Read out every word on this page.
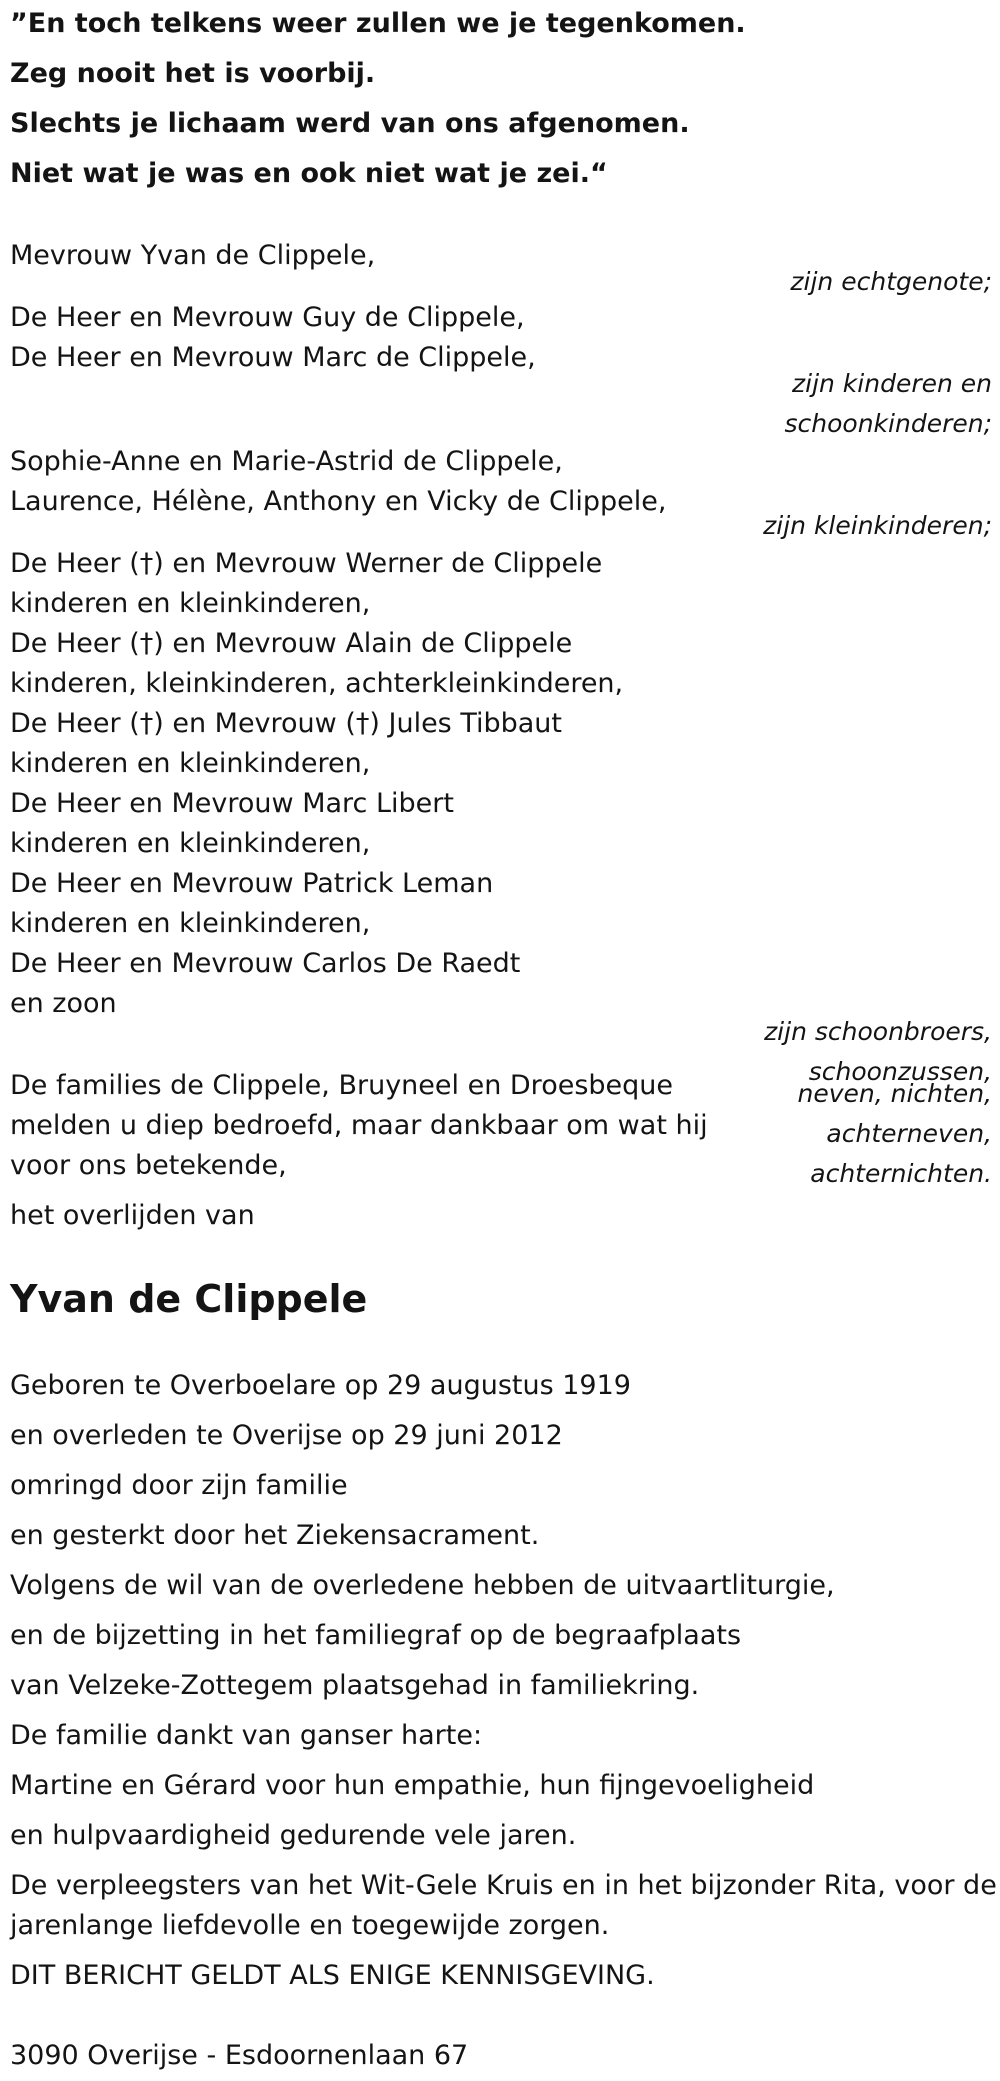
”En toch telkens weer zullen we je tegenkomen.
Zeg nooit het is voorbij.
Slechts je lichaam werd van ons afgenomen.
Niet wat je was en ook niet wat je zei.“
Mevrouw Yvan de Clippele,
zijn echtgenote;
De Heer en Mevrouw Guy de Clippele,
De Heer en Mevrouw Marc de Clippele,
zijn kinderen en
schoonkinderen;
Sophie-Anne en Marie-Astrid de Clippele,
Laurence, Hélène, Anthony en Vicky de Clippele,
zijn kleinkinderen;
De Heer (†) en Mevrouw Werner de Clippele
kinderen en kleinkinderen,
De Heer (†) en Mevrouw Alain de Clippele
kinderen, kleinkinderen, achterkleinkinderen,
De Heer (†) en Mevrouw (†) Jules Tibbaut
kinderen en kleinkinderen,
De Heer en Mevrouw Marc Libert
kinderen en kleinkinderen,
De Heer en Mevrouw Patrick Leman
kinderen en kleinkinderen,
De Heer en Mevrouw Carlos De Raedt
en zoon
zijn schoonbroers,
schoonzussen,
neven, nichten,
achterneven,
achternichten.
De families de Clippele, Bruyneel en Droesbeque
melden u diep bedroefd, maar dankbaar om wat hij
voor ons betekende,
het overlijden van
Yvan de Clippele
Geboren te Overboelare op 29 augustus 1919
en overleden te Overijse op 29 juni 2012
omringd door zijn familie
en gesterkt door het Ziekensacrament.
Volgens de wil van de overledene hebben de uitvaartliturgie,
en de bijzetting in het familiegraf op de begraafplaats
van Velzeke-Zottegem plaatsgehad in familiekring.
De familie dankt van ganser harte:
Martine en Gérard voor hun empathie, hun fijngevoeligheid
en hulpvaardigheid gedurende vele jaren.
De verpleegsters van het Wit-Gele Kruis en in het bijzonder Rita, voor de
jarenlange liefdevolle en toegewijde zorgen.
DIT BERICHT GELDT ALS ENIGE KENNISGEVING.
3090 Overijse - Esdoornenlaan 67
